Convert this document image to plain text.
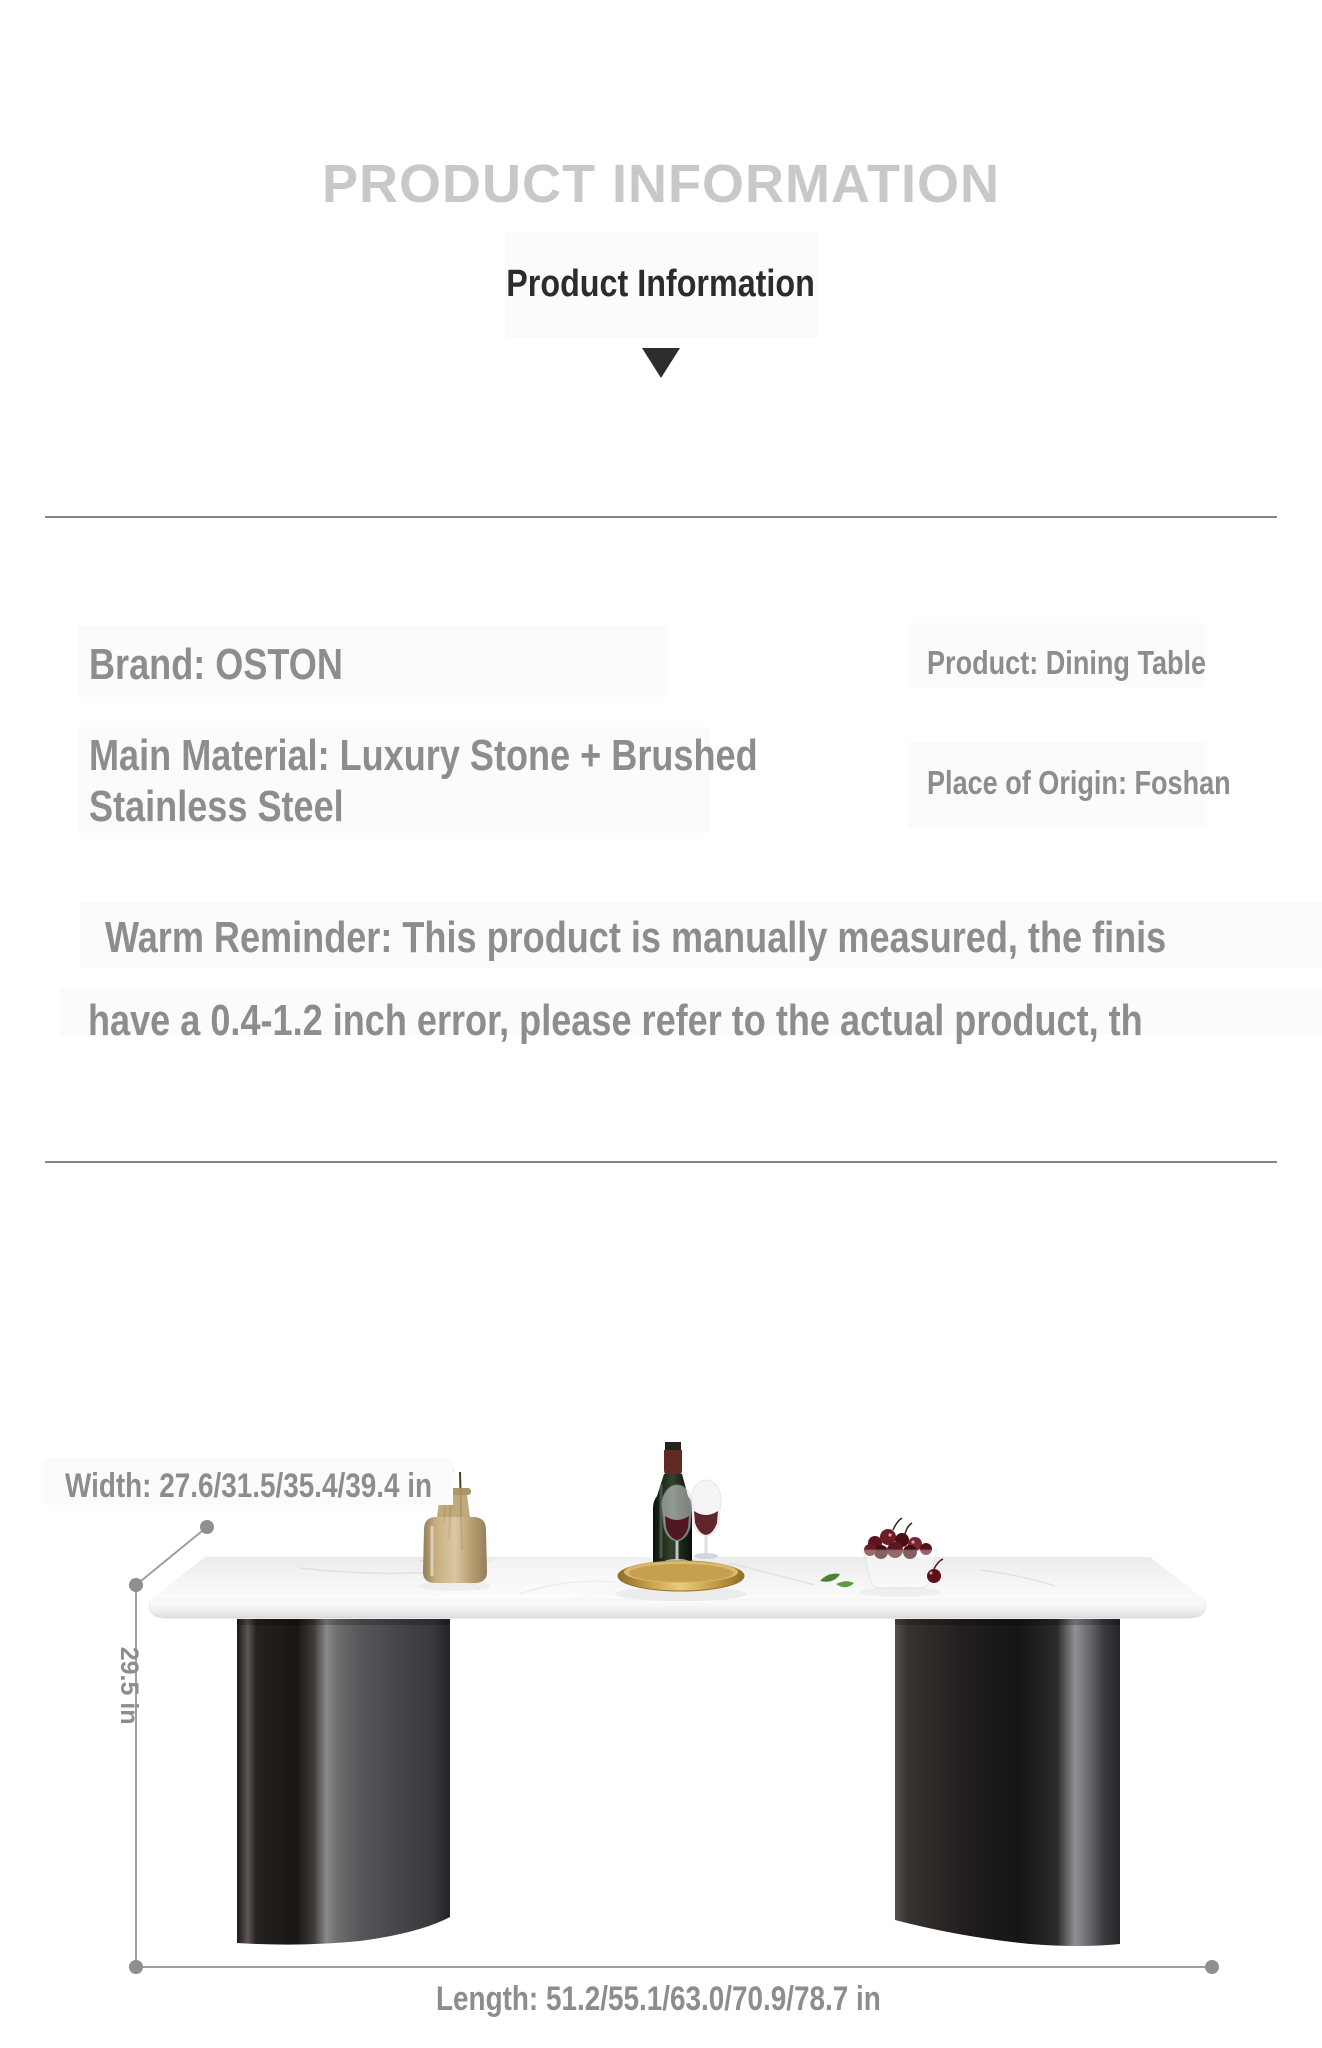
PRODUCT INFORMATION
Product Information
Brand: OSTON
Main Material: Luxury Stone + Brushed
Stainless Steel
Product: Dining Table
Place of Origin: Foshan
Warm Reminder: This product is manually measured, the finis
have a 0.4-1.2 inch error, please refer to the actual product, th
Width: 27.6/31.5/35.4/39.4 in
29.5 in
Length: 51.2/55.1/63.0/70.9/78.7 in
